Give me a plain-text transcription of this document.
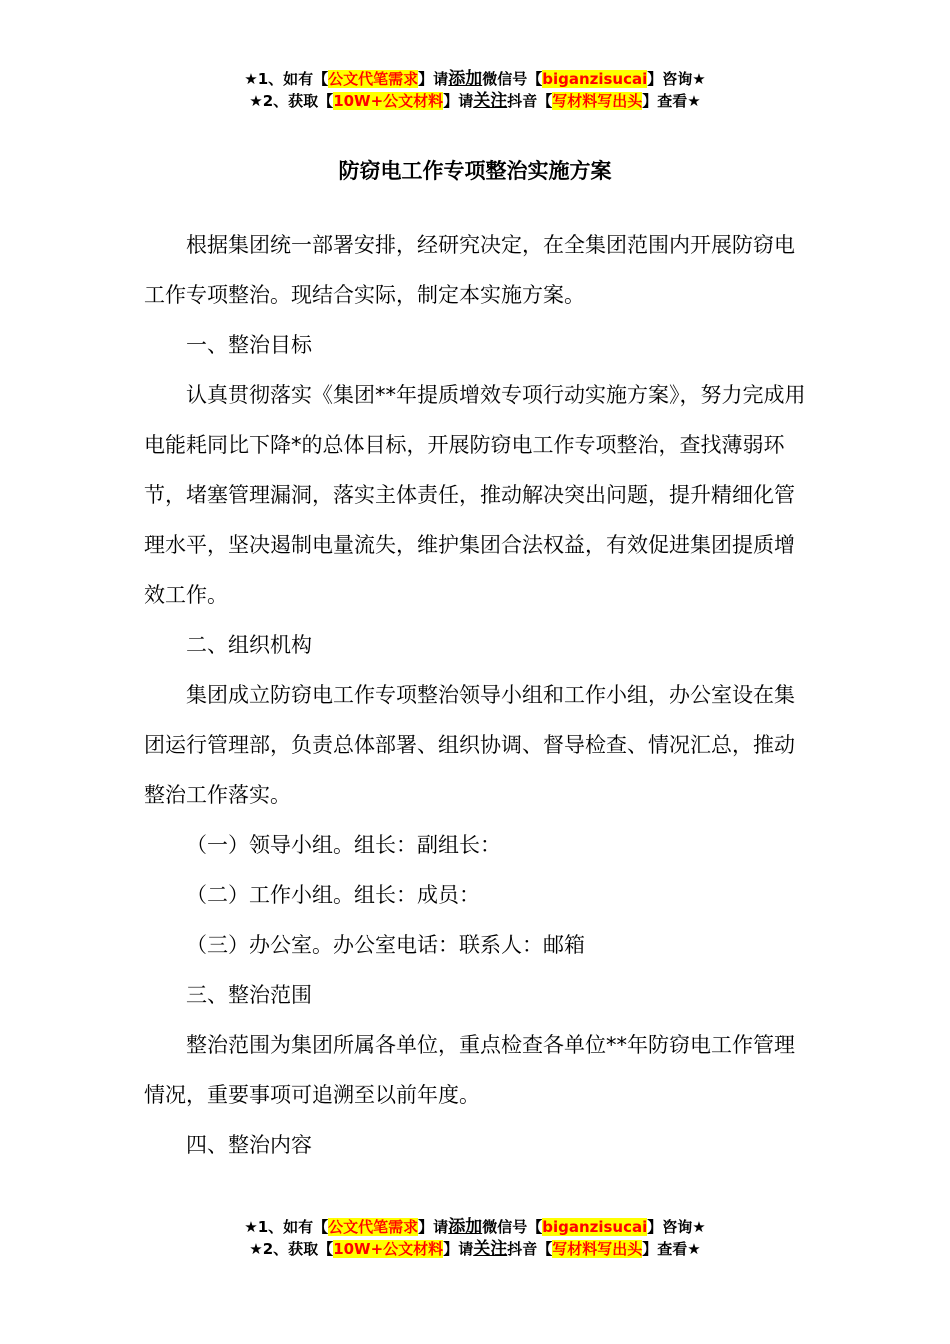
★1、如有【公文代笔需求】请添加微信号【biganzisucai】咨询★
★2、获取【10W+公文材料】请关注抖音【写材料写出头】查看★
防窃电工作专项整治实施方案

根据集团统一部署安排，经研究决定，在全集团范围内开展防窃电工作专项整治。现结合实际，制定本实施方案。

一、整治目标

认真贯彻落实《集团**年提质增效专项行动实施方案》，努力完成用电能耗同比下降*的总体目标，开展防窃电工作专项整治，查找薄弱环节，堵塞管理漏洞，落实主体责任，推动解决突出问题，提升精细化管理水平，坚决遏制电量流失，维护集团合法权益，有效促进集团提质增效工作。

二、组织机构

集团成立防窃电工作专项整治领导小组和工作小组，办公室设在集团运行管理部，负责总体部署、组织协调、督导检查、情况汇总，推动整治工作落实。

（一）领导小组。组长：副组长：

（二）工作小组。组长：成员：

（三）办公室。办公室电话：联系人：邮箱

三、整治范围

整治范围为集团所属各单位，重点检查各单位**年防窃电工作管理情况，重要事项可追溯至以前年度。

四、整治内容

★1、如有【公文代笔需求】请添加微信号【biganzisucai】咨询★
★2、获取【10W+公文材料】请关注抖音【写材料写出头】查看★
